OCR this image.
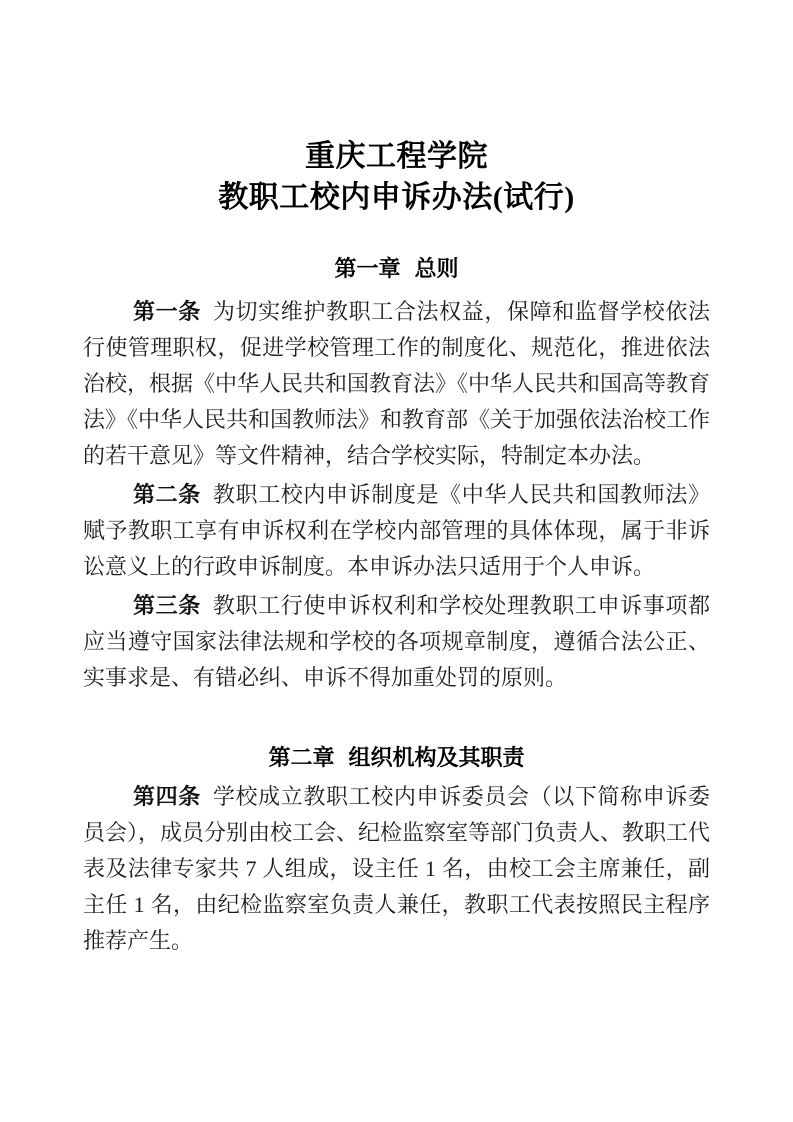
重庆工程学院
教职工校内申诉办法(试行)
第一章 总则

第一条 为切实维护教职工合法权益，保障和监督学校依法行使管理职权，促进学校管理工作的制度化、规范化，推进依法治校，根据《中华人民共和国教育法》《中华人民共和国高等教育法》《中华人民共和国教师法》和教育部《关于加强依法治校工作的若干意见》等文件精神，结合学校实际，特制定本办法。

第二条 教职工校内申诉制度是《中华人民共和国教师法》赋予教职工享有申诉权利在学校内部管理的具体体现，属于非诉讼意义上的行政申诉制度。本申诉办法只适用于个人申诉。

第三条 教职工行使申诉权利和学校处理教职工申诉事项都应当遵守国家法律法规和学校的各项规章制度，遵循合法公正、实事求是、有错必纠、申诉不得加重处罚的原则。

第二章 组织机构及其职责

第四条 学校成立教职工校内申诉委员会（以下简称申诉委员会），成员分别由校工会、纪检监察室等部门负责人、教职工代表及法律专家共 7 人组成，设主任 1 名，由校工会主席兼任，副主任 1 名，由纪检监察室负责人兼任，教职工代表按照民主程序推荐产生。
